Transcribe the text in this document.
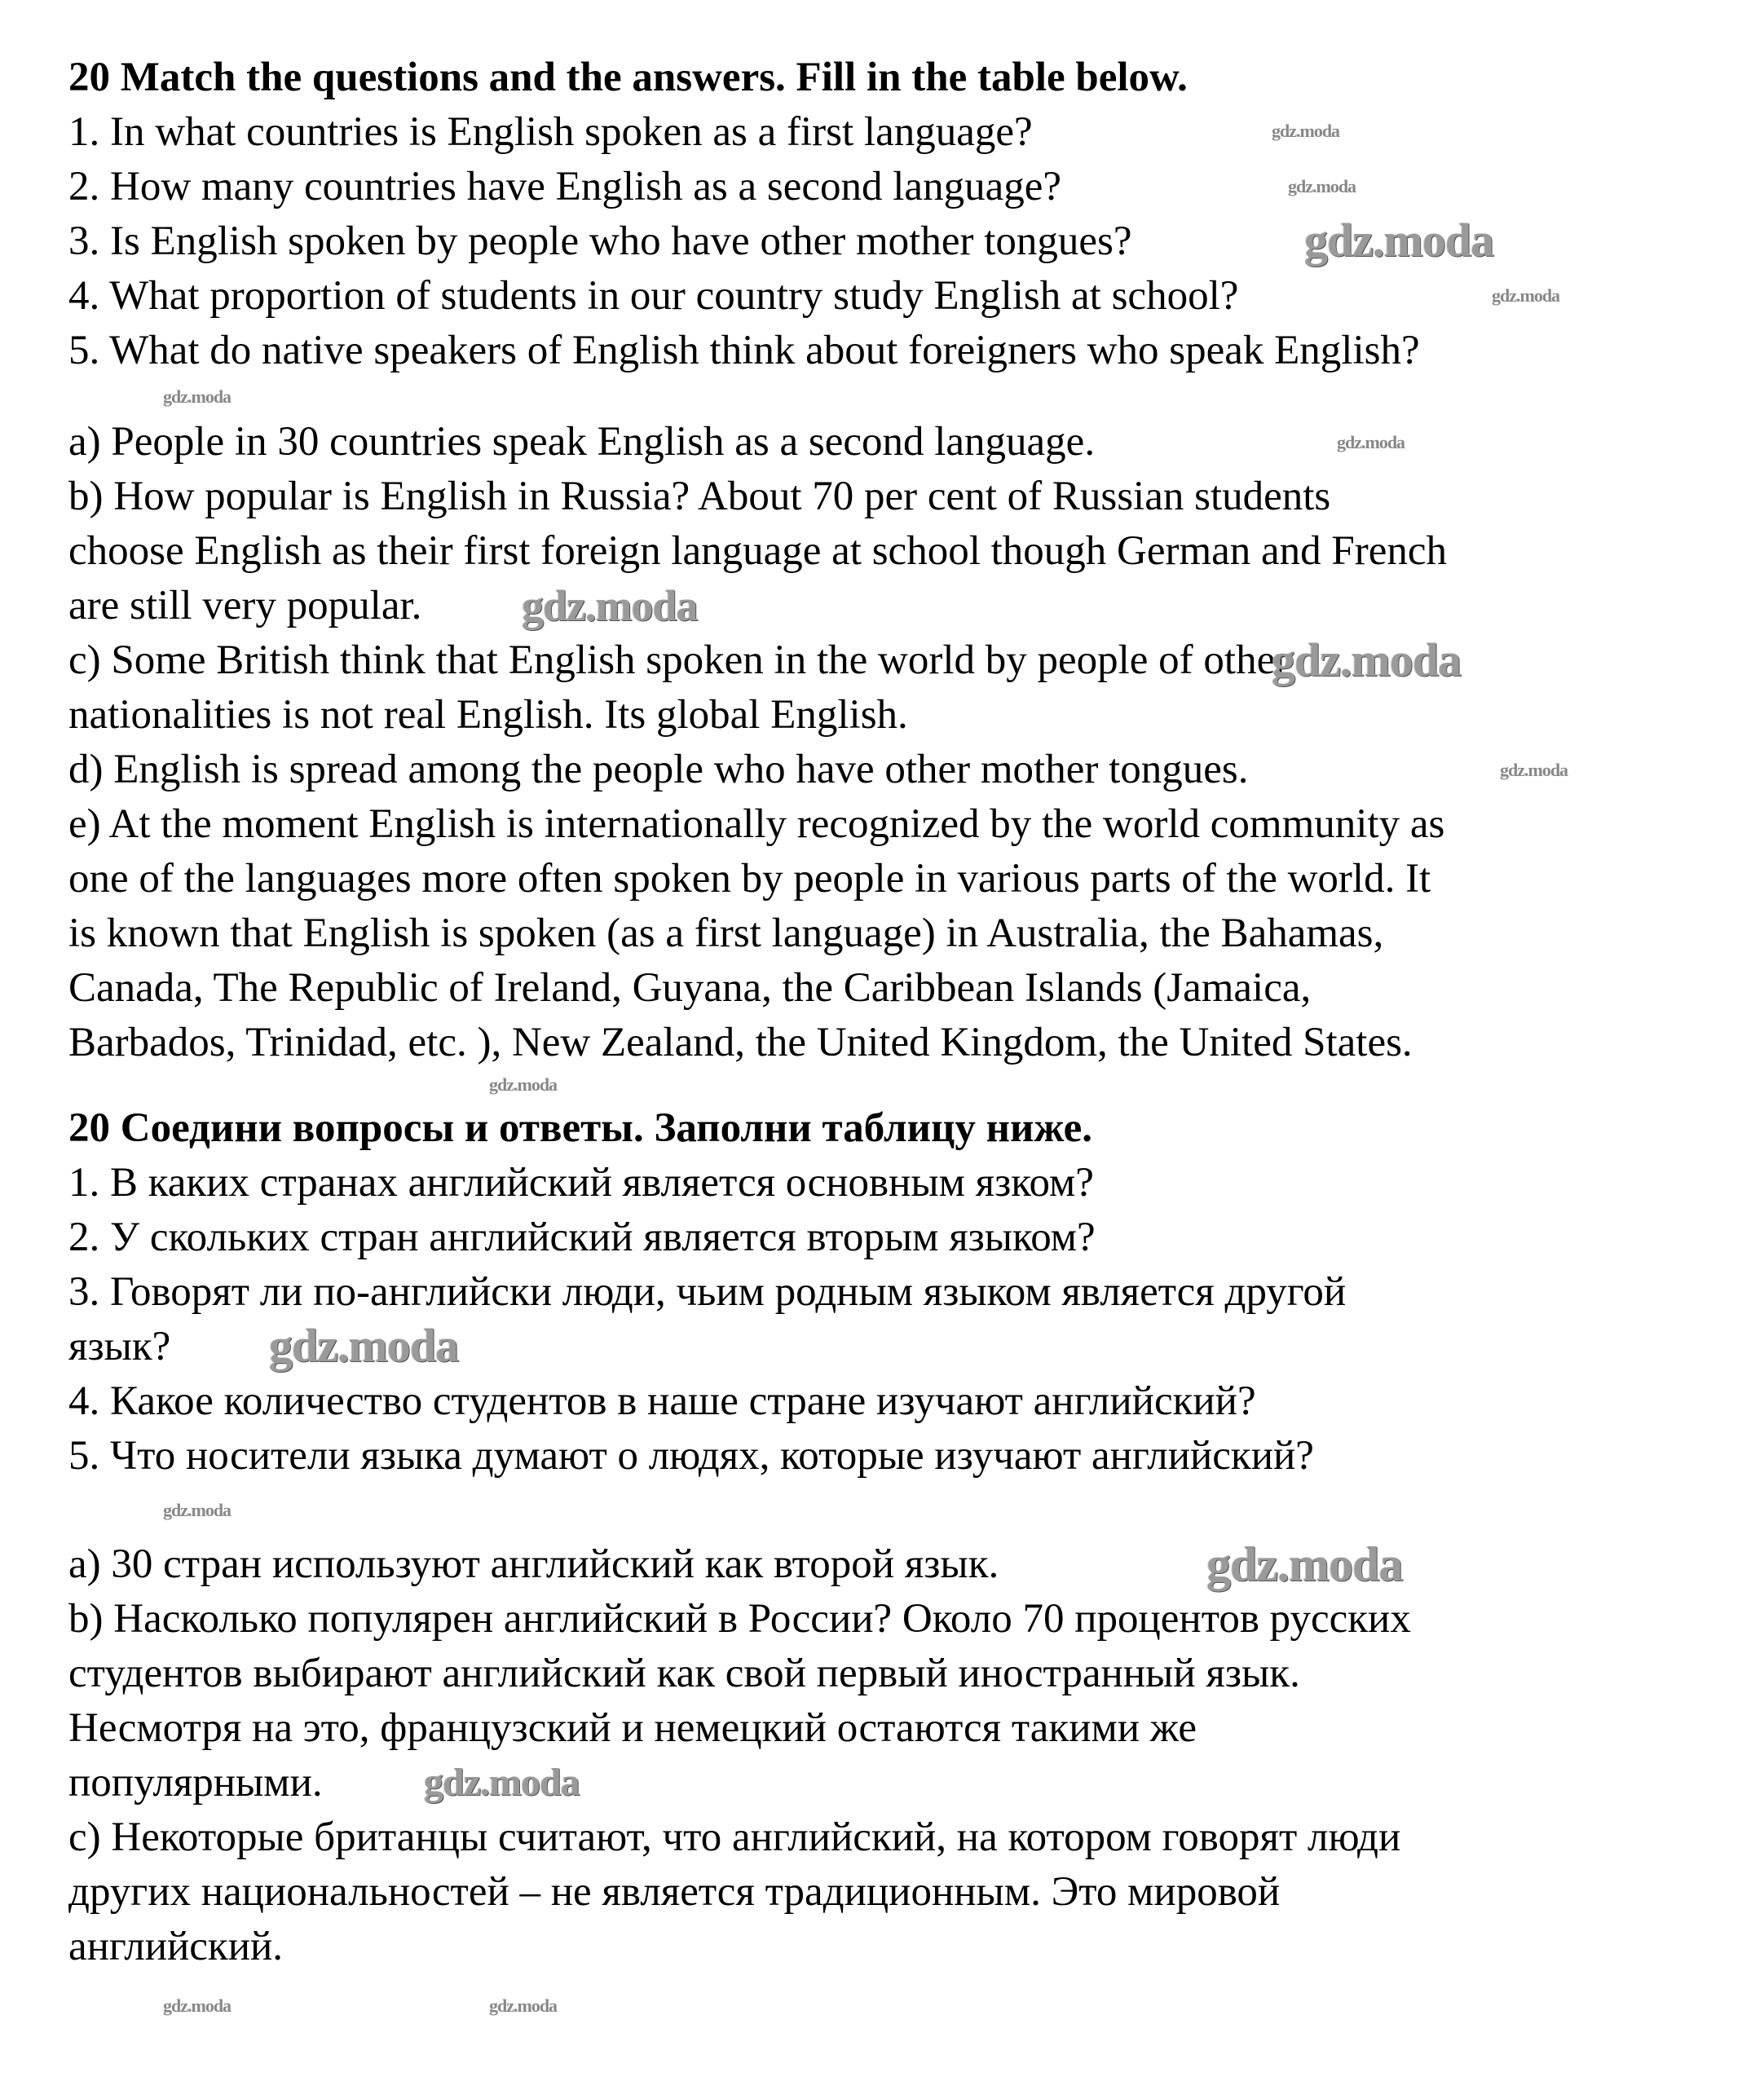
20 Match the questions and the answers. Fill in the table below.
1. In what countries is English spoken as a first language?
2. How many countries have English as a second language?
3. Is English spoken by people who have other mother tongues?
4. What proportion of students in our country study English at school?
5. What do native speakers of English think about foreigners who speak English?
a) People in 30 countries speak English as a second language.
b) How popular is English in Russia? About 70 per cent of Russian students
choose English as their first foreign language at school though German and French
are still very popular.
c) Some British think that English spoken in the world by people of other
nationalities is not real English. Its global English.
d) English is spread among the people who have other mother tongues.
e) At the moment English is internationally recognized by the world community as
one of the languages more often spoken by people in various parts of the world. It
is known that English is spoken (as a first language) in Australia, the Bahamas,
Canada, The Republic of Ireland, Guyana, the Caribbean Islands (Jamaica,
Barbados, Trinidad, etc. ), New Zealand, the United Kingdom, the United States.
20 Соедини вопросы и ответы. Заполни таблицу ниже.
1. В каких странах английский является основным язком?
2. У скольких стран английский является вторым языком?
3. Говорят ли по-английски люди, чьим родным языком является другой
язык?
4. Какое количество студентов в наше стране изучают английский?
5. Что носители языка думают о людях, которые изучают английский?
a) 30 стран используют английский как второй язык.
b) Насколько популярен английский в России? Около 70 процентов русских
студентов выбирают английский как свой первый иностранный язык.
Несмотря на это, французский и немецкий остаются такими же
популярными.
c) Некоторые британцы считают, что английский, на котором говорят люди
других национальностей – не является традиционным. Это мировой
английский.
gdz.moda
gdz.moda
gdz.moda
gdz.moda
gdz.moda
gdz.moda
gdz.moda
gdz.moda
gdz.moda
gdz.moda
gdz.moda
gdz.moda
gdz.moda
gdz.moda
gdz.moda	gdz.moda
